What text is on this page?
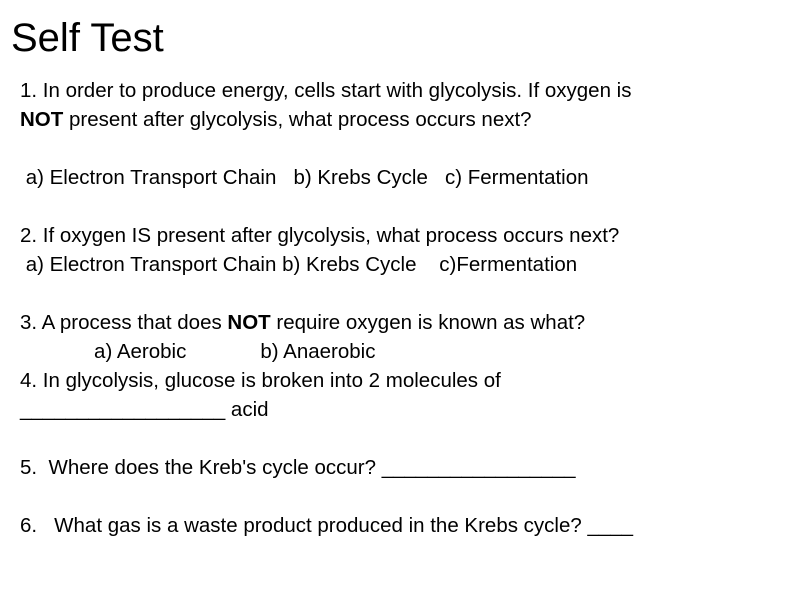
Self Test
1. In order to produce energy, cells start with glycolysis. If oxygen is
NOT present after glycolysis, what process occurs next?
a) Electron Transport Chain   b) Krebs Cycle   c) Fermentation
2. If oxygen IS present after glycolysis, what process occurs next?
a) Electron Transport Chain b) Krebs Cycle    c)Fermentation
3. A process that does NOT require oxygen is known as what?
a) Aerobic             b) Anaerobic
4. In glycolysis, glucose is broken into 2 molecules of
__________________ acid
5.  Where does the Kreb's cycle occur? _________________
6.   What gas is a waste product produced in the Krebs cycle? ____
